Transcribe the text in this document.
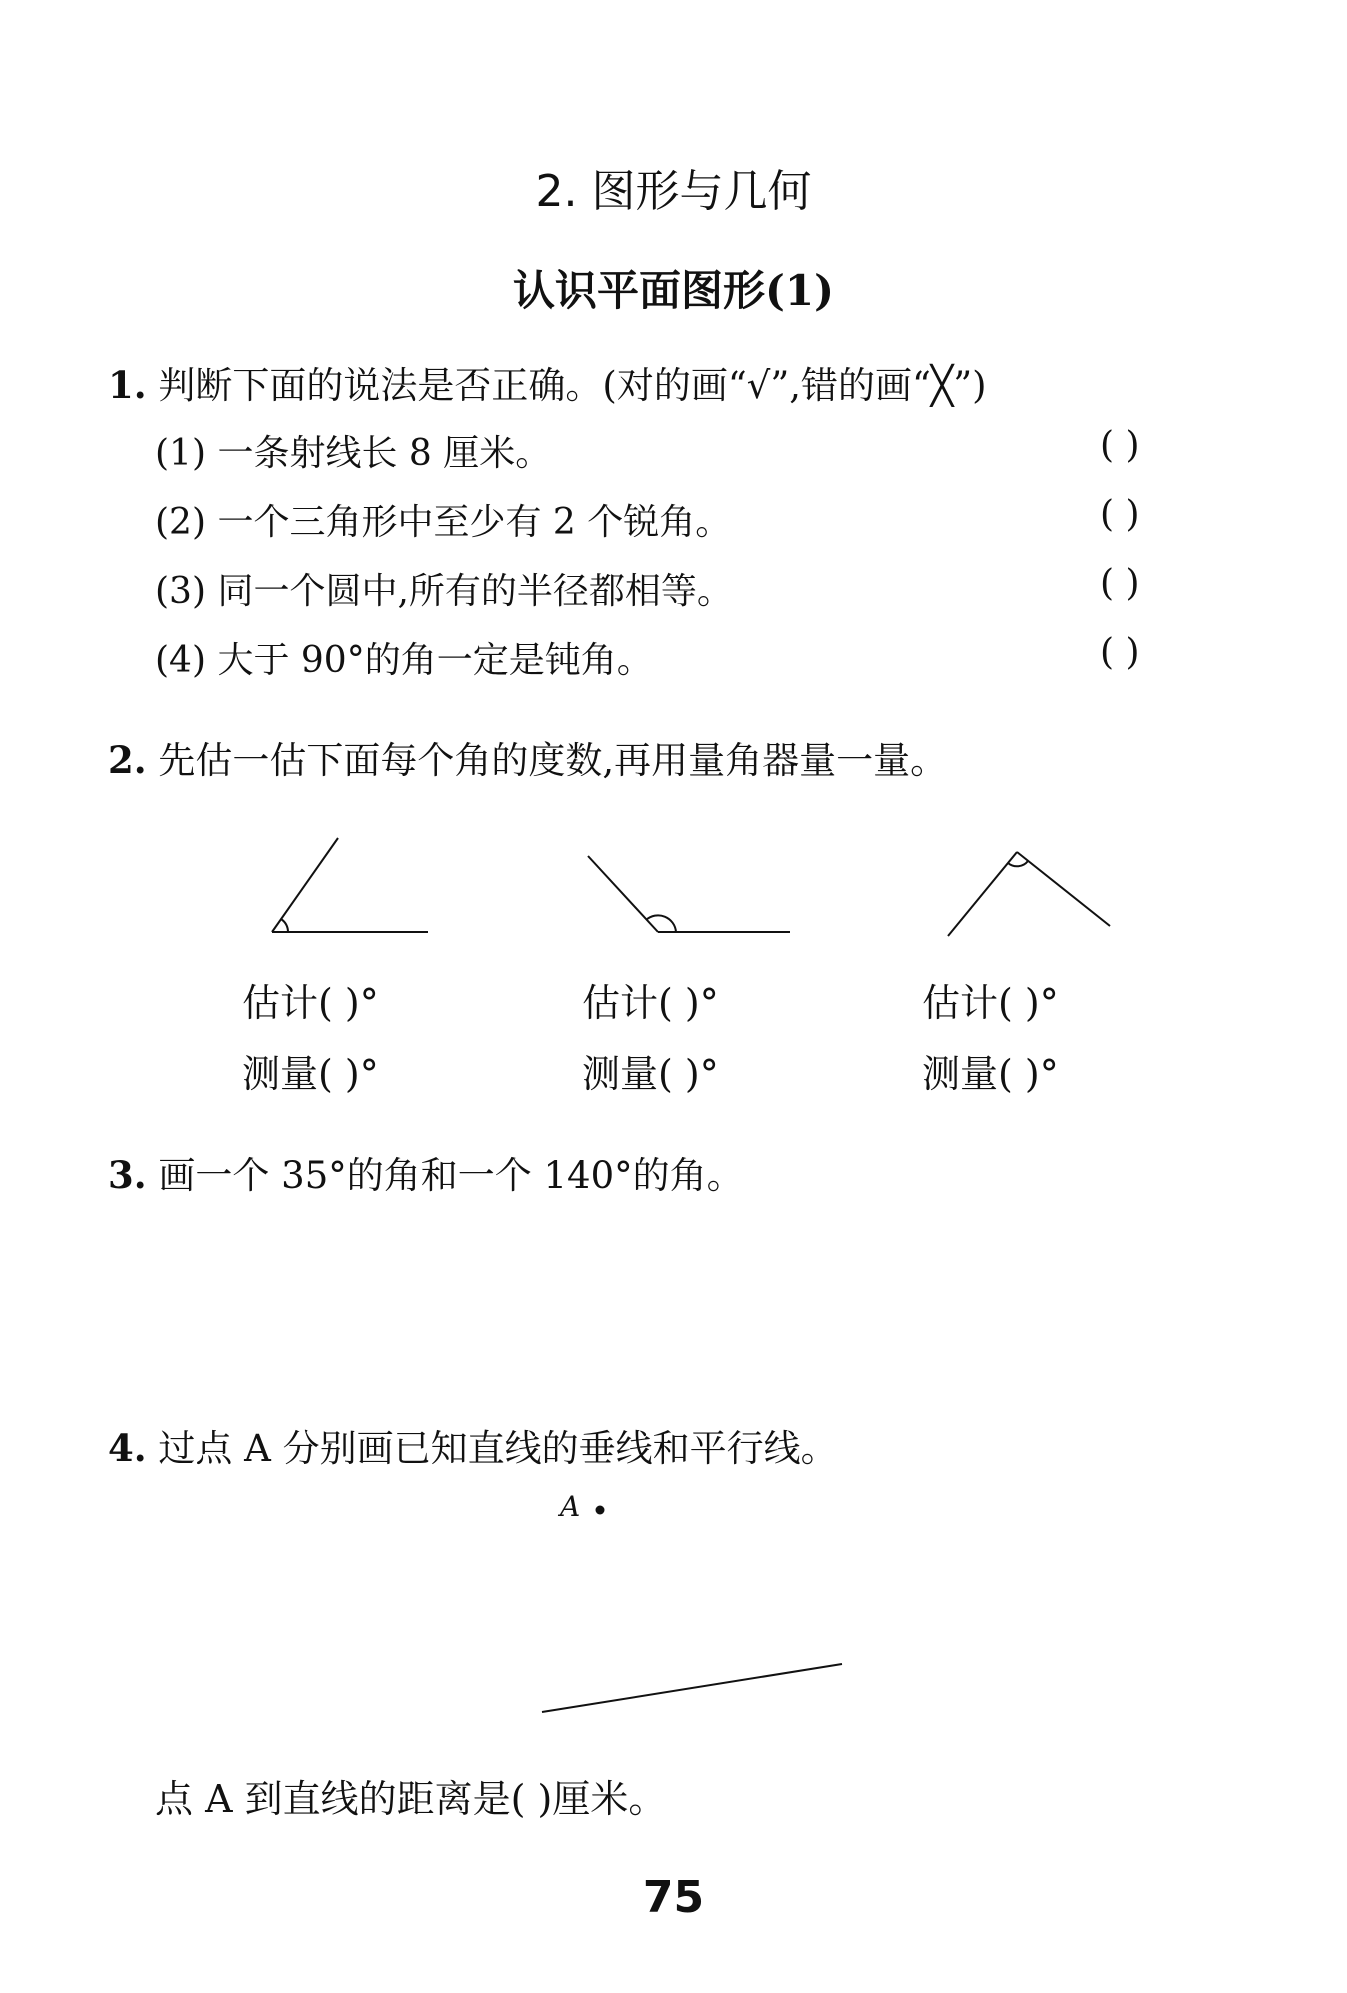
2. 图形与几何
认识平面图形(1)
1. 判断下面的说法是否正确。(对的画“√”,错的画“╳”)
(1) 一条射线长 8 厘米。	( )
(2) 一个三角形中至少有 2 个锐角。	( )
(3) 同一个圆中,所有的半径都相等。	( )
(4) 大于 90°的角一定是钝角。	( )
2. 先估一估下面每个角的度数,再用量角器量一量。
估计( )°
测量( )°
估计( )°
测量( )°
估计( )°
测量( )°
3. 画一个 35°的角和一个 140°的角。
4. 过点 A 分别画已知直线的垂线和平行线。
A
点 A 到直线的距离是( )厘米。
75
